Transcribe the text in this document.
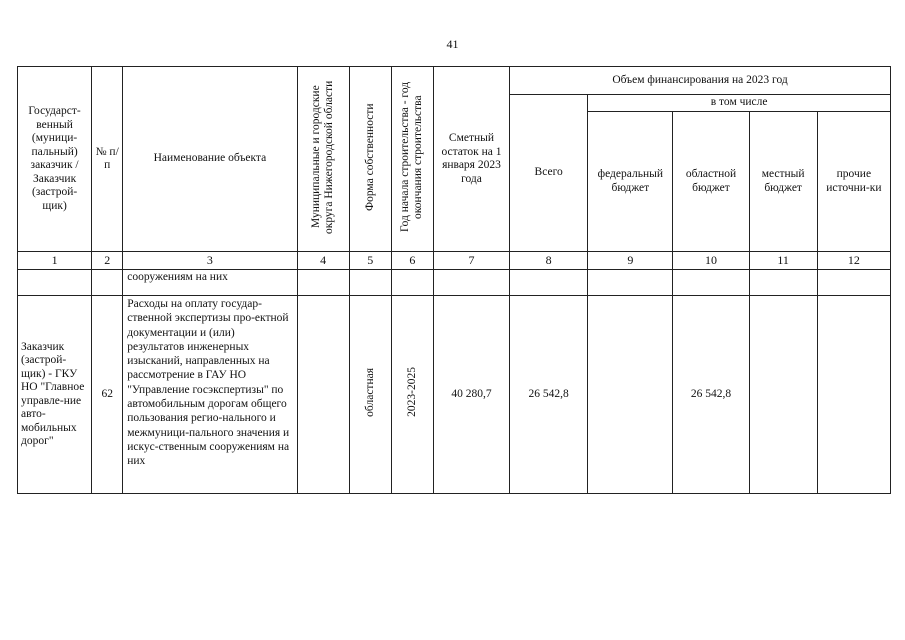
41
Государст-венный (муници-пальный) заказчик / Заказчик (застрой-щик)	№ п/п	Наименование объекта	Муниципальные и городские округа Нижегородской области	Форма собственности	Год начала строительства - год окончания строительства	Сметный остаток на 1 января 2023 года	Объем финансирования на 2023 год				
							Всего	в том числе			
								федеральный бюджет	областной бюджет	местный бюджет	прочие источни-ки
1	2	3	4	5	6	7	8	9	10	11	12
		сооружениям на них									
Заказчик (застрой-щик) - ГКУ НО "Главное управле-ние авто-мобильных дорог"	62	Расходы на оплату государ-ственной экспертизы про-ектной документации и (или) результатов инженерных изысканий, направленных на рассмотрение в ГАУ НО "Управление госэкспертизы" по автомобильным дорогам общего пользования регио-нального и межмуници-пального значения и искус-ственным сооружениям на них		областная	2023-2025	40 280,7	26 542,8		26 542,8		
